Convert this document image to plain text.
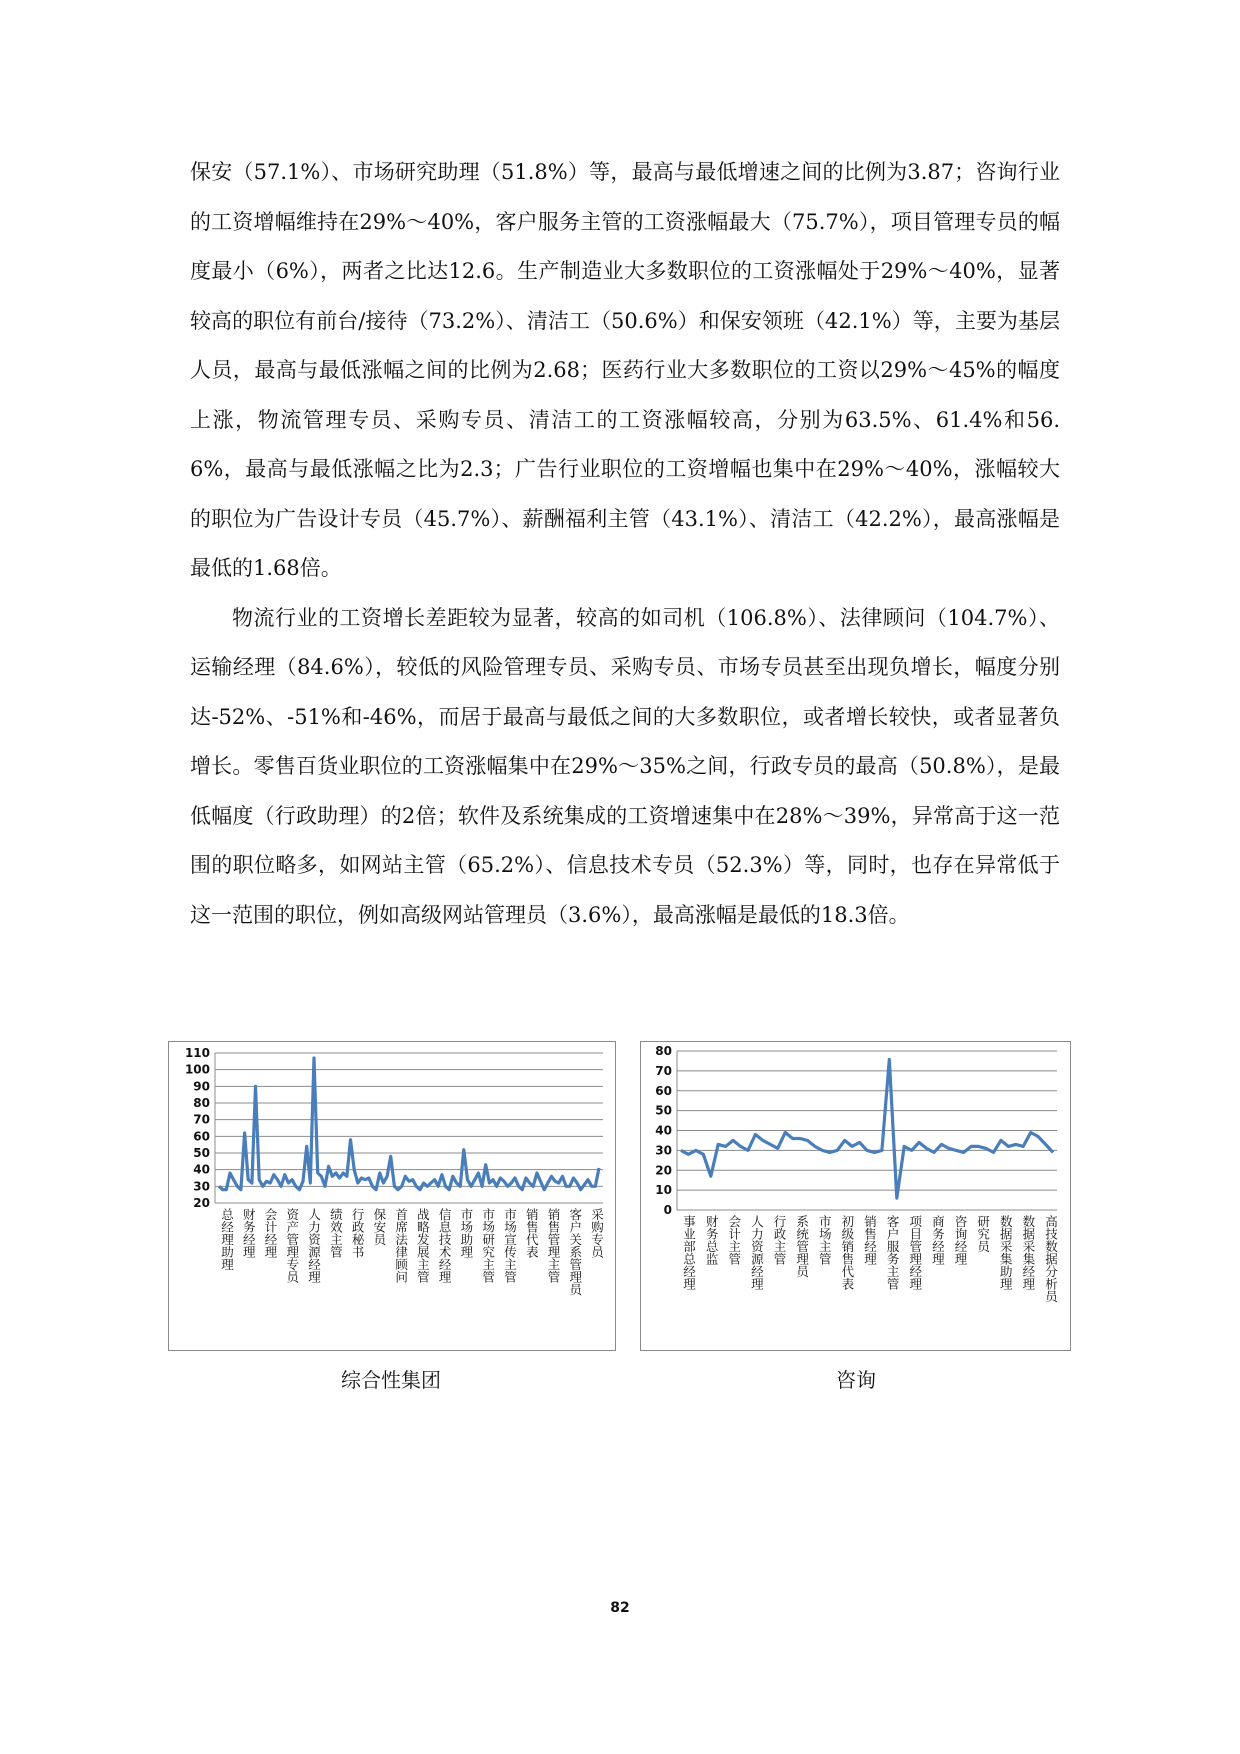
保安（57.1%）、市场研究助理（51.8%）等，最高与最低增速之间的比例为3.87；咨询行业的工资增幅维持在29%～40%，客户服务主管的工资涨幅最大（75.7%），项目管理专员的幅度最小（6%），两者之比达12.6。生产制造业大多数职位的工资涨幅处于29%～40%，显著较高的职位有前台/接待（73.2%）、清洁工（50.6%）和保安领班（42.1%）等，主要为基层人员，最高与最低涨幅之间的比例为2.68；医药行业大多数职位的工资以29%～45%的幅度上涨，物流管理专员、采购专员、清洁工的工资涨幅较高，分别为63.5%、61.4%和56.6%，最高与最低涨幅之比为2.3；广告行业职位的工资增幅也集中在29%～40%，涨幅较大的职位为广告设计专员（45.7%）、薪酬福利主管（43.1%）、清洁工（42.2%），最高涨幅是最低的1.68倍。

物流行业的工资增长差距较为显著，较高的如司机（106.8%）、法律顾问（104.7%）、运输经理（84.6%），较低的风险管理专员、采购专员、市场专员甚至出现负增长，幅度分别达-52%、-51%和-46%，而居于最高与最低之间的大多数职位，或者增长较快，或者显著负增长。零售百货业职位的工资涨幅集中在29%～35%之间，行政专员的最高（50.8%），是最低幅度（行政助理）的2倍；软件及系统集成的工资增速集中在28%～39%，异常高于这一范围的职位略多，如网站主管（65.2%）、信息技术专员（52.3%）等，同时，也存在异常低于这一范围的职位，例如高级网站管理员（3.6%），最高涨幅是最低的18.3倍。

20
30
40
50
60
70
80
90
100
110
总经理助理 财务经理 会计经理 资产管理专员 人力资源经理 绩效主管 行政秘书 保安员 首席法律顾问 战略发展主管 信息技术经理 市场助理 市场研究主管 市场宣传主管 销售代表 销售管理主管 客户关系管理员 采购专员
综合性集团
0
10
20
30
40
50
60
70
80
事业部总经理 财务总监 会计主管 人力资源经理 行政主管 系统管理员 市场主管 初级销售代表 销售经理 客户服务主管 项目管理经理 商务经理 咨询经理 研究员 数据采集助理 数据采集经理 高技数据分析员
咨询
82
